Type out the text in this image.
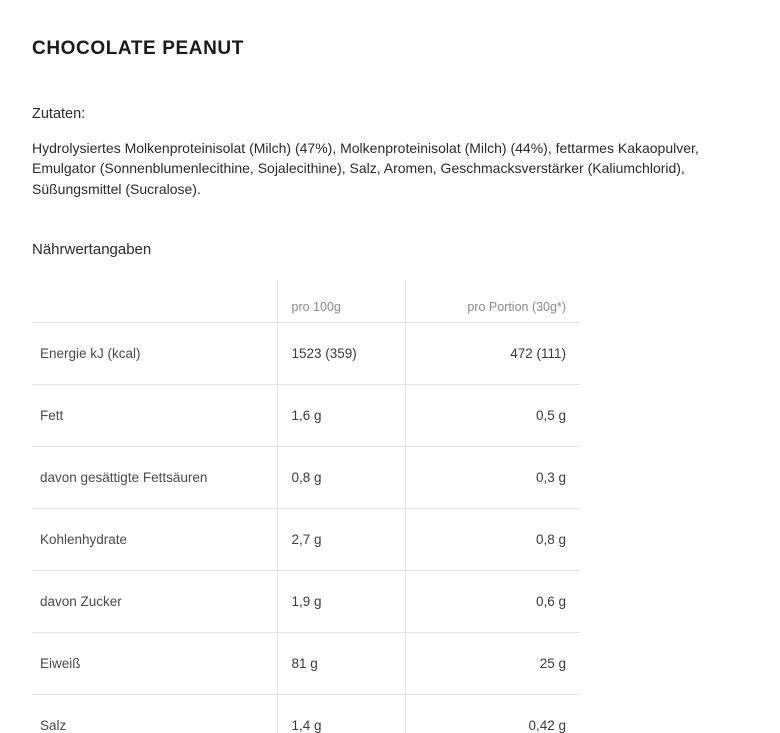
CHOCOLATE PEANUT
Zutaten:

Hydrolysiertes Molkenproteinisolat (Milch) (47%), Molkenproteinisolat (Milch) (44%), fettarmes Kakaopulver, Emulgator (Sonnenblumenlecithine, Sojalecithine), Salz, Aromen, Geschmacksverstärker (Kaliumchlorid), Süßungsmittel (Sucralose).

Nährwertangaben
	pro 100g	pro Portion (30g*)
Energie kJ (kcal)	1523 (359)	472 (111)
Fett	1,6 g	0,5 g
davon gesättigte Fettsäuren	0,8 g	0,3 g
Kohlenhydrate	2,7 g	0,8 g
davon Zucker	1,9 g	0,6 g
Eiweiß	81 g	25 g
Salz	1,4 g	0,42 g
